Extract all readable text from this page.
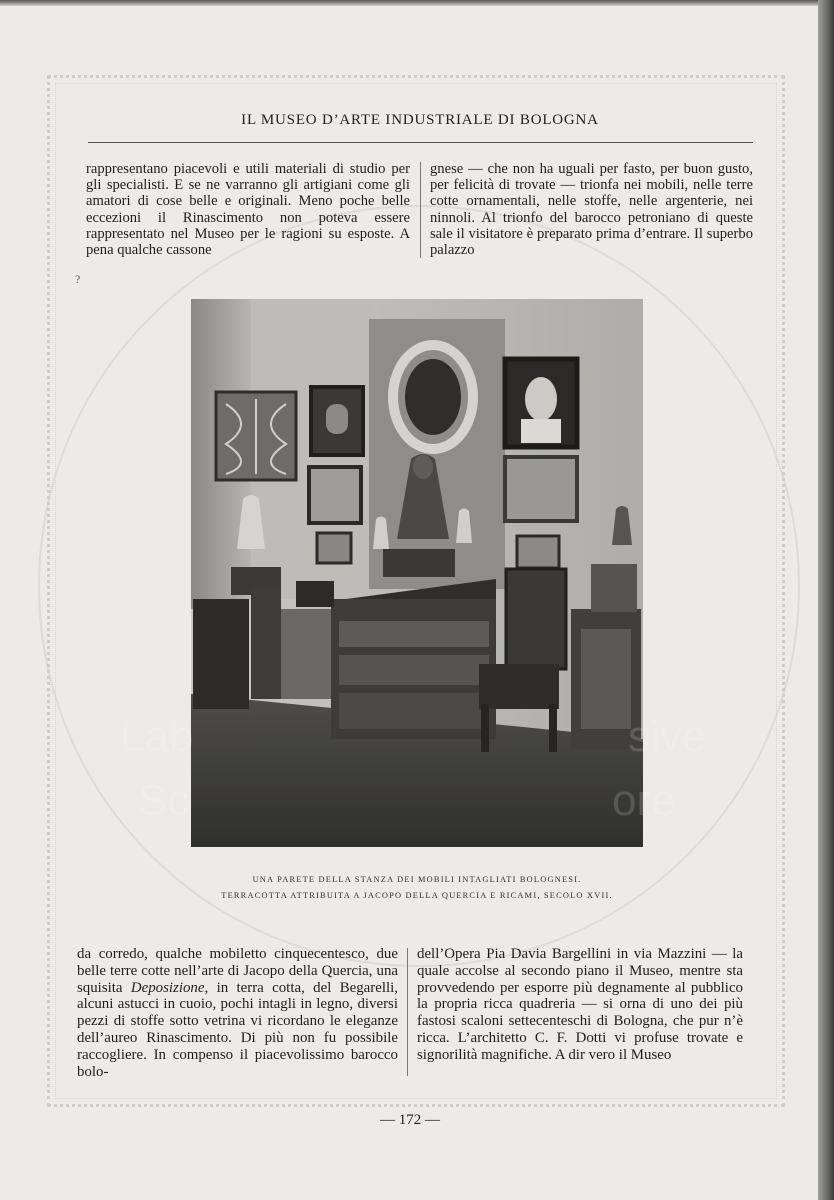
IL MUSEO D’ARTE INDUSTRIALE DI BOLOGNA

rappresentano piacevoli e utili materiali di studio per gli specialisti. E se ne varranno gli artigiani come gli amatori di cose belle e originali. Meno poche belle eccezioni il Rinascimento non poteva essere rappresentato nel Museo per le ragioni su esposte. A pena qualche cassone

gnese — che non ha uguali per fasto, per buon gusto, per felicità di trovate — trionfa nei mobili, nelle terre cotte ornamentali, nelle stoffe, nelle argenterie, nei ninnoli. Al trionfo del barocco petroniano di queste sale il visitatore è preparato prima d’entrare. Il superbo palazzo

?
UNA PARETE DELLA STANZA DEI MOBILI INTAGLIATI BOLOGNESI.
TERRACOTTA ATTRIBUITA A JACOPO DELLA QUERCIA E RICAMI, SECOLO XVII.

da corredo, qualche mobiletto cinquecentesco, due belle terre cotte nell’arte di Jacopo della Quercia, una squisita Deposizione, in terra cotta, del Begarelli, alcuni astucci in cuoio, pochi intagli in legno, diversi pezzi di stoffe sotto vetrina vi ricordano le eleganze dell’aureo Rinascimento. Di più non fu possibile raccogliere. In compenso il piacevolissimo barocco bolo-

dell’Opera Pia Davia Bargellini in via Mazzini — la quale accolse al secondo piano il Museo, mentre sta provvedendo per esporre più degnamente al pubblico la propria ricca quadreria — si orna di uno dei più fastosi scaloni settecenteschi di Bologna, che pur n’è ricca. L’architetto C. F. Dotti vi profuse trovate e signorilità magnifiche. A dir vero il Museo

— 172 —
